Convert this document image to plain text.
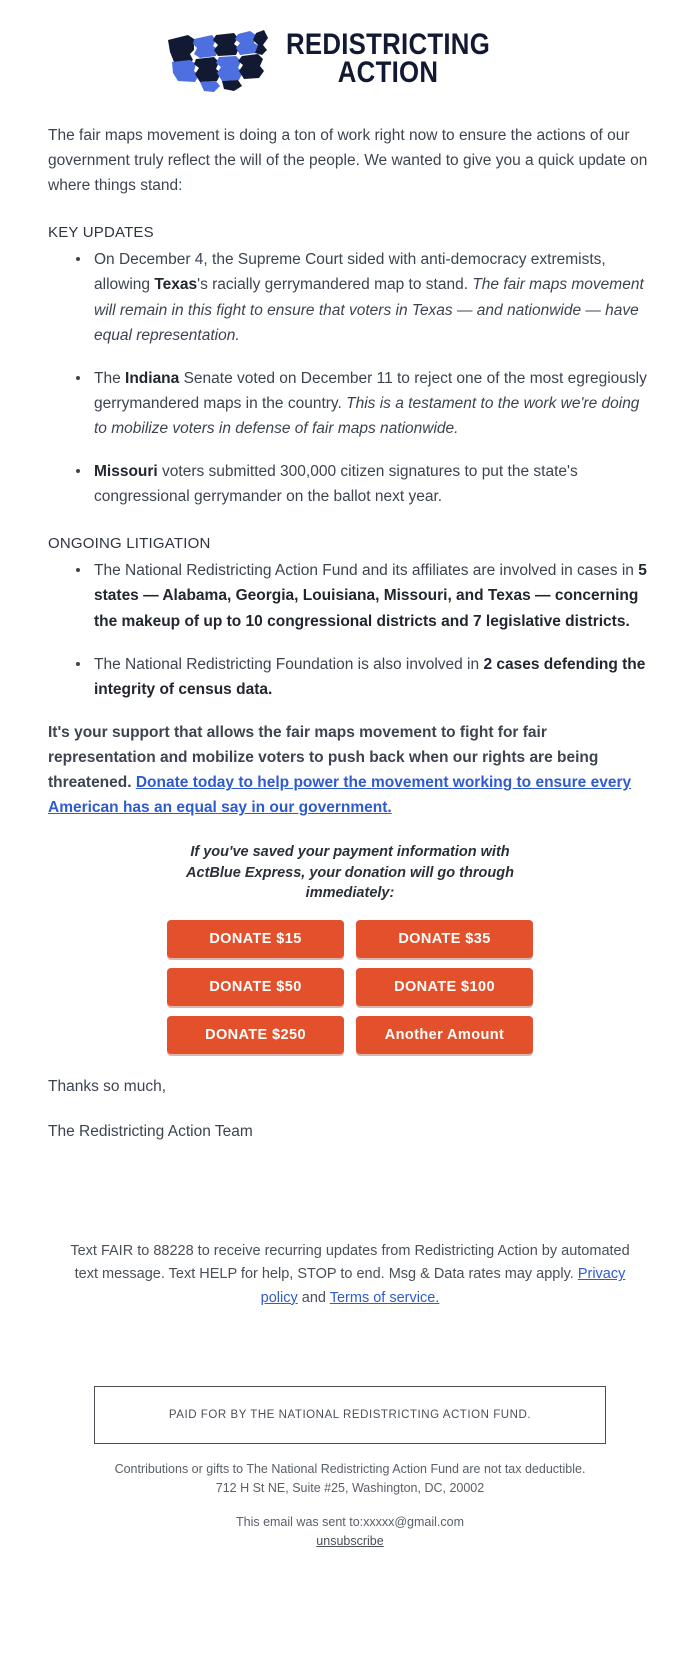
REDISTRICTING
ACTION

The fair maps movement is doing a ton of work right now to ensure the actions of our government truly reflect the will of the people. We wanted to give you a quick update on where things stand:

KEY UPDATES
On December 4, the Supreme Court sided with anti-democracy extremists, allowing Texas's racially gerrymandered map to stand. The fair maps movement will remain in this fight to ensure that voters in Texas — and nationwide — have equal representation.
The Indiana Senate voted on December 11 to reject one of the most egregiously gerrymandered maps in the country. This is a testament to the work we're doing to mobilize voters in defense of fair maps nationwide.
Missouri voters submitted 300,000 citizen signatures to put the state's congressional gerrymander on the ballot next year.
ONGOING LITIGATION
The National Redistricting Action Fund and its affiliates are involved in cases in 5 states — Alabama, Georgia, Louisiana, Missouri, and Texas — concerning the makeup of up to 10 congressional districts and 7 legislative districts.
The National Redistricting Foundation is also involved in 2 cases defending the integrity of census data.

It's your support that allows the fair maps movement to fight for fair representation and mobilize voters to push back when our rights are being threatened. Donate today to help power the movement working to ensure every American has an equal say in our government.

If you've saved your payment information with ActBlue Express, your donation will go through immediately:
DONATE $15	DONATE $35
DONATE $50	DONATE $100
DONATE $250	Another Amount

Thanks so much,

The Redistricting Action Team

Text FAIR to 88228 to receive recurring updates from Redistricting Action by automated text message. Text HELP for help, STOP to end. Msg & Data rates may apply. Privacy policy and Terms of service.
PAID FOR BY THE NATIONAL REDISTRICTING ACTION FUND.
Contributions or gifts to The National Redistricting Action Fund are not tax deductible.
712 H St NE, Suite #25, Washington, DC, 20002
This email was sent to:xxxxx@gmail.com
unsubscribe
